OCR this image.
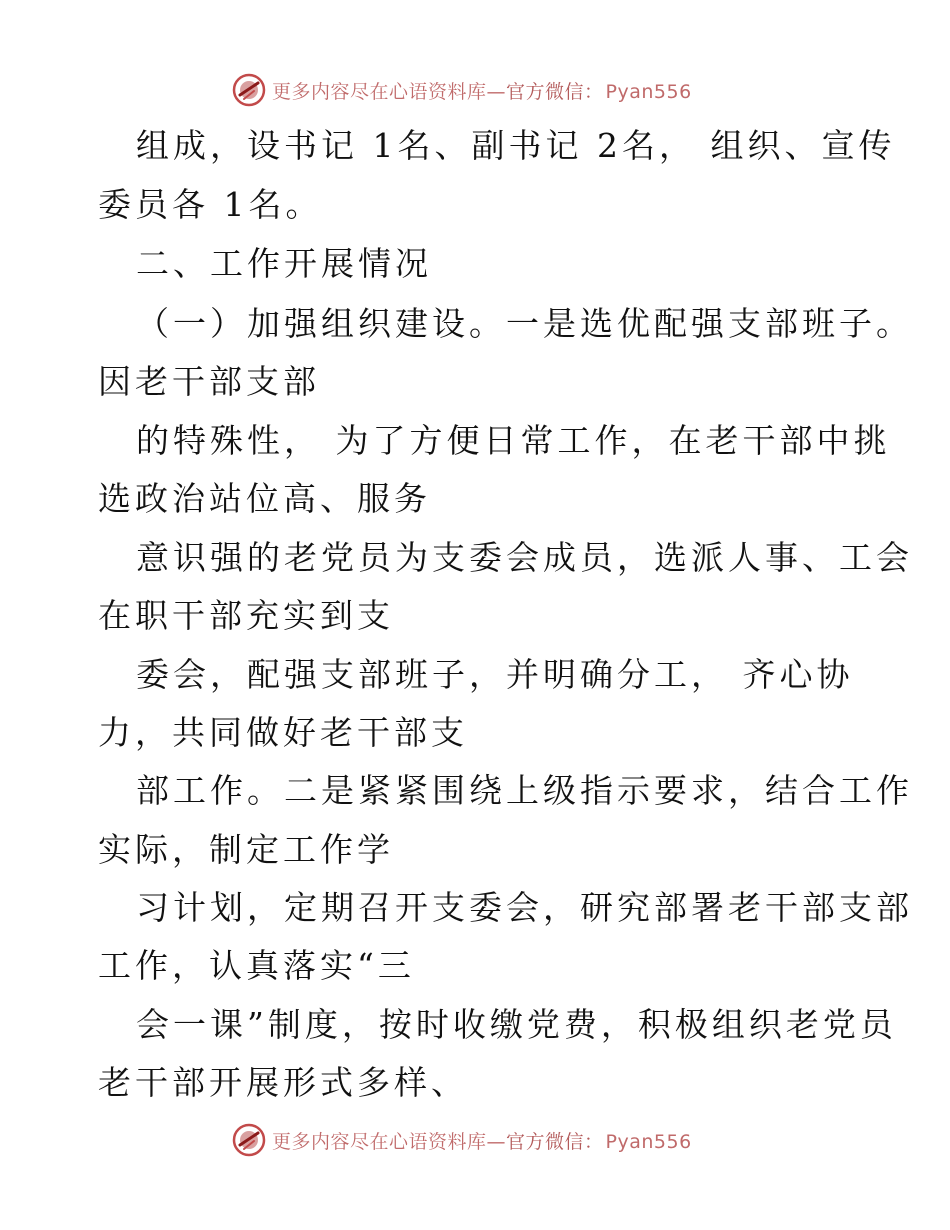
更多内容尽在心语资料库—官方微信： Pyan556
组成，设书记 1名、副书记 2名， 组织、宣传
委员各 1名。
二、工作开展情况
（一）加强组织建设。一是选优配强支部班子。
因老干部支部
的特殊性， 为了方便日常工作，在老干部中挑
选政治站位高、服务
意识强的老党员为支委会成员，选派人事、工会
在职干部充实到支
委会，配强支部班子，并明确分工， 齐心协
力，共同做好老干部支
部工作。二是紧紧围绕上级指示要求，结合工作
实际，制定工作学
习计划，定期召开支委会，研究部署老干部支部
工作，认真落实“三
会一课”制度，按时收缴党费，积极组织老党员
老干部开展形式多样、
更多内容尽在心语资料库—官方微信： Pyan556
